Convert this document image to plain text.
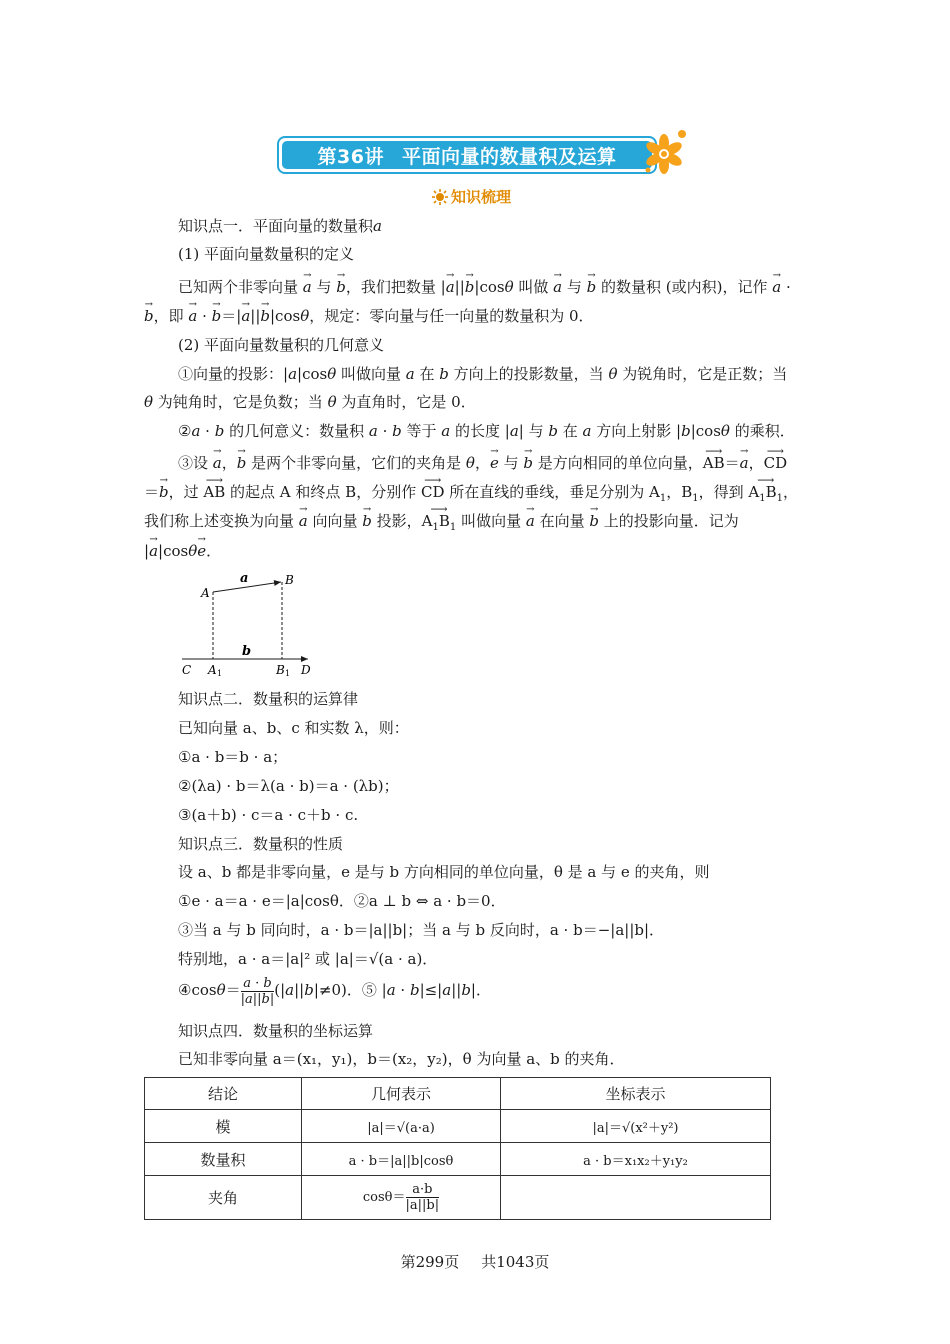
第36讲 平面向量的数量积及运算
知识梳理
知识点一．平面向量的数量积a
(1) 平面向量数量积的定义
已知两个非零向量 → a 与 → b，我们把数量 |→ a||→ b|cosθ 叫做 → a 与 → b 的数量积 (或内积)，记作 → a ·
→ b，即 → a · → b＝|→ a||→ b|cosθ，规定：零向量与任一向量的数量积为 0．
(2) 平面向量数量积的几何意义
①向量的投影：|a|cosθ 叫做向量 a 在 b 方向上的投影数量，当 θ 为锐角时，它是正数；当
θ 为钝角时，它是负数；当 θ 为直角时，它是 0．
②a · b 的几何意义：数量积 a · b 等于 a 的长度 |a| 与 b 在 a 方向上射影 |b|cosθ 的乘积．
③设 → a，→ b 是两个非零向量，它们的夹角是 θ，→ e 与 → b 是方向相同的单位向量，⟶ AB＝→ a，⟶ CD
＝→ b，过 ⟶ AB 的起点 A 和终点 B，分别作 ⟶ CD 所在直线的垂线，垂足分别为 $A_1$，$B_1$，得到 ⟶ $A_1B_1$，
我们称上述变换为向量 → a 向向量 → b 投影，⟶ $A_1B_1$ 叫做向量 → a 在向量 → b 上的投影向量．记为
|→ a|cosθ→ e．
A
B
a
b
C A 1	B 1 D
知识点二．数量积的运算律
已知向量 a、b、c 和实数 λ，则：
①a · b＝b · a；
②(λa) · b＝λ(a · b)＝a · (λb)；
③(a＋b) · c＝a · c＋b · c.
知识点三．数量积的性质
设 a、b 都是非零向量，e 是与 b 方向相同的单位向量，θ 是 a 与 e 的夹角，则
①e · a＝a · e＝|a|cosθ．②a ⊥ b ⇔ a · b＝0．
③当 a 与 b 同向时，a · b＝|a||b|；当 a 与 b 反向时，a · b＝−|a||b|．
特别地，a · a＝|a|² 或 |a|＝√(a · a)．
④cosθ＝ $\frac{a \cdot b}{|a||b|} (|a||b|\ne 0)$．⑤ |a · b|≤|a||b|．
知识点四．数量积的坐标运算
已知非零向量 a＝(x₁，y₁)，b＝(x₂，y₂)，θ 为向量 a、b 的夹角．
结论	几何表示	坐标表示
模	|a|＝√(a·a)	|a|＝√(x²＋y²)
数量积	a · b＝|a||b|cosθ	a · b＝x₁x₂＋y₁y₂
夹角	$\cos\theta= \frac{a\cdot b}{|a||b|}$

第299页 共1043页
